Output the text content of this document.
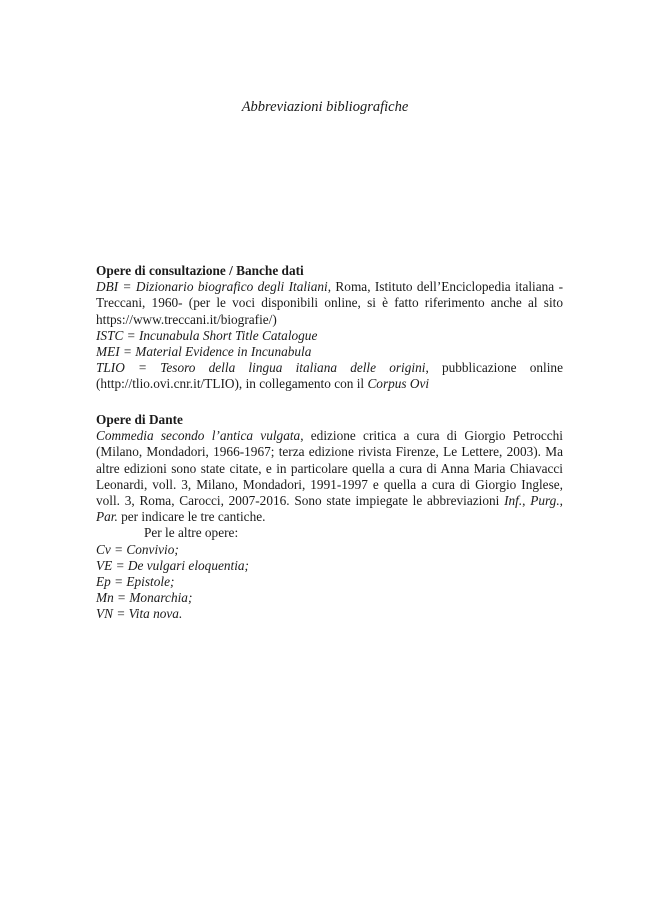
Abbreviazioni bibliografiche
Opere di consultazione / Banche dati

DBI = Dizionario biografico degli Italiani, Roma, Istituto dell’Enciclopedia italiana - Treccani, 1960- (per le voci disponibili online, si è fatto riferimento anche al sito https://www.treccani.it/biografie/)

ISTC = Incunabula Short Title Catalogue

MEI = Material Evidence in Incunabula

TLIO = Tesoro della lingua italiana delle origini, pubblicazione online (http://tlio.ovi.cnr.it/TLIO), in collegamento con il Corpus Ovi

Opere di Dante

Commedia secondo l’antica vulgata, edizione critica a cura di Giorgio Petrocchi (Milano, Mondadori, 1966-1967; terza edizione rivista Firenze, Le Lettere, 2003). Ma altre edizioni sono state citate, e in particolare quella a cura di Anna Maria Chiavacci Leonardi, voll. 3, Milano, Mondadori, 1991-1997 e quella a cura di Giorgio Inglese, voll. 3, Roma, Carocci, 2007-2016. Sono state impiegate le abbreviazioni Inf., Purg., Par. per indicare le tre cantiche.

Per le altre opere:

Cv = Convivio;

VE = De vulgari eloquentia;

Ep = Epistole;

Mn = Monarchia;

VN = Vita nova.
